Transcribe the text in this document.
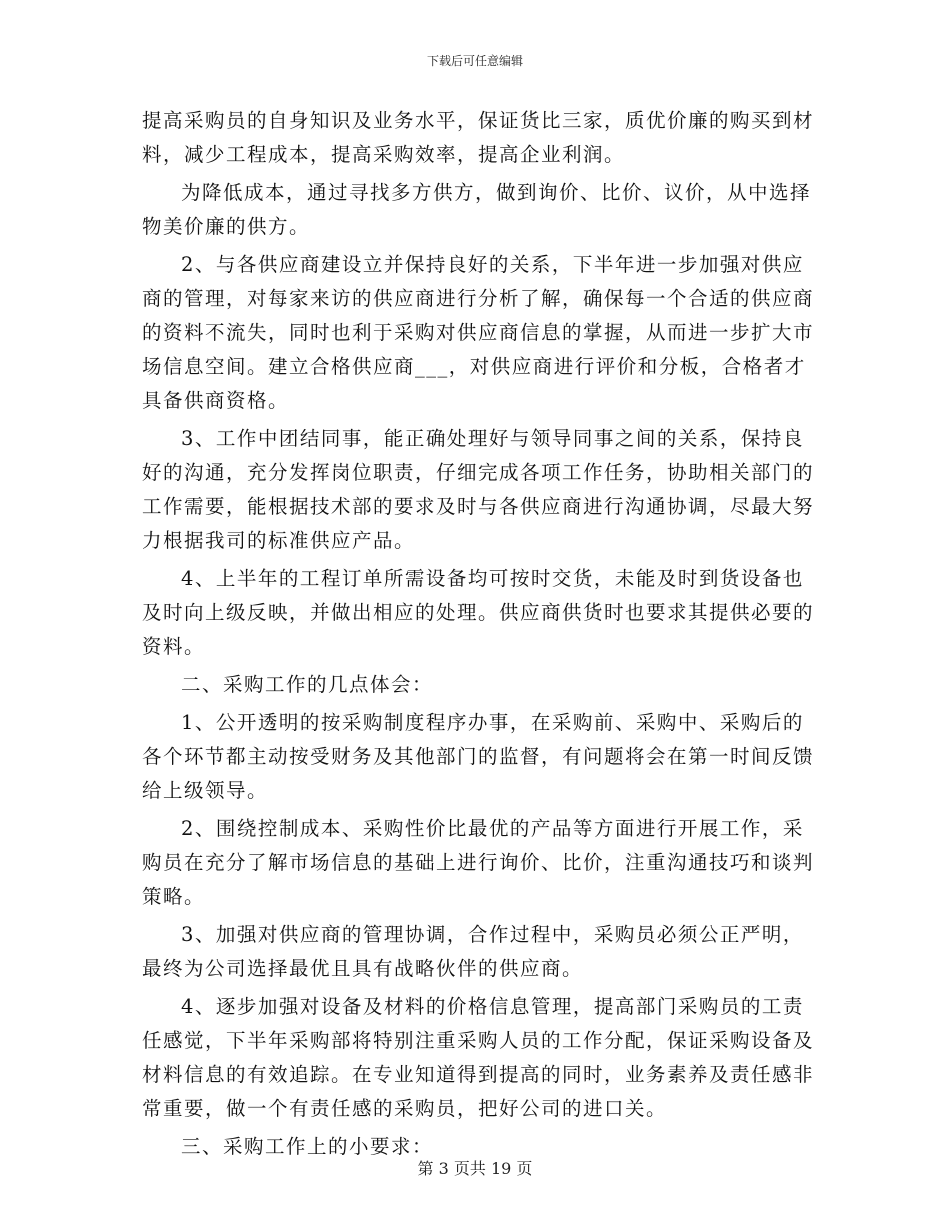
下载后可任意编辑

提高采购员的自身知识及业务水平，保证货比三家，质优价廉的购买到材料，减少工程成本，提高采购效率，提高企业利润。

为降低成本，通过寻找多方供方，做到询价、比价、议价，从中选择物美价廉的供方。

2、与各供应商建设立并保持良好的关系，下半年进一步加强对供应商的管理，对每家来访的供应商进行分析了解，确保每一个合适的供应商的资料不流失，同时也利于采购对供应商信息的掌握，从而进一步扩大市场信息空间。建立合格供应商___，对供应商进行评价和分板，合格者才具备供商资格。

3、工作中团结同事，能正确处理好与领导同事之间的关系，保持良好的沟通，充分发挥岗位职责，仔细完成各项工作任务，协助相关部门的工作需要，能根据技术部的要求及时与各供应商进行沟通协调，尽最大努力根据我司的标准供应产品。

4、上半年的工程订单所需设备均可按时交货，未能及时到货设备也及时向上级反映，并做出相应的处理。供应商供货时也要求其提供必要的资料。

二、采购工作的几点体会：

1、公开透明的按采购制度程序办事，在采购前、采购中、采购后的各个环节都主动按受财务及其他部门的监督，有问题将会在第一时间反馈给上级领导。

2、围绕控制成本、采购性价比最优的产品等方面进行开展工作，采购员在充分了解市场信息的基础上进行询价、比价，注重沟通技巧和谈判策略。

3、加强对供应商的管理协调，合作过程中，采购员必须公正严明，最终为公司选择最优且具有战略伙伴的供应商。

4、逐步加强对设备及材料的价格信息管理，提高部门采购员的工责任感觉，下半年采购部将特别注重采购人员的工作分配，保证采购设备及材料信息的有效追踪。在专业知道得到提高的同时，业务素养及责任感非常重要，做一个有责任感的采购员，把好公司的进口关。

三、采购工作上的小要求：

第 3 页共 19 页
